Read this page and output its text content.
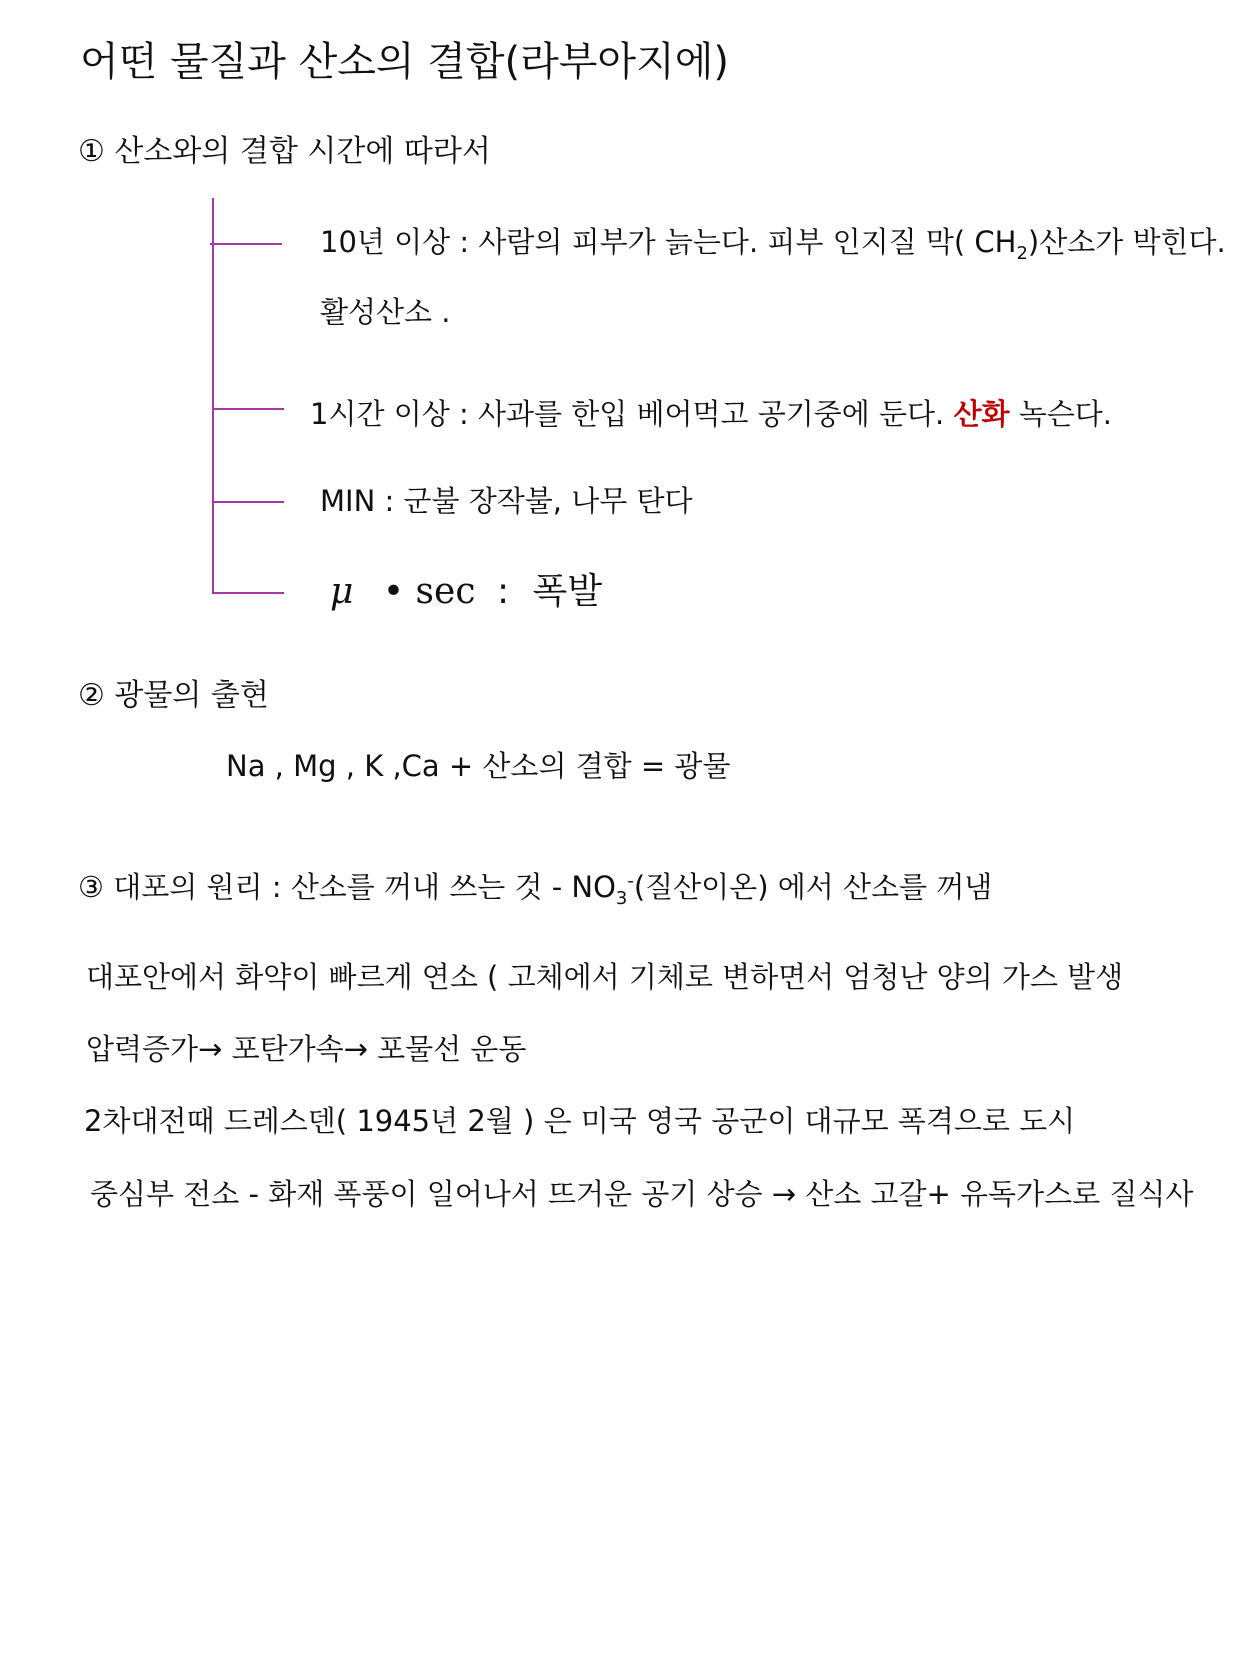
어떤 물질과 산소의 결합(라부아지에)
① 산소와의 결합 시간에 따라서
10년 이상 : 사람의 피부가 늙는다. 피부 인지질 막( $CH_2$)산소가 박힌다.
활성산소 .
1시간 이상 : 사과를 한입 베어먹고 공기중에 둔다. 산화 녹슨다.
MIN : 군불 장작불, 나무 탄다
μ • sec : 폭발
② 광물의 출현
Na , Mg , K ,Ca + 산소의 결합 = 광물
③ 대포의 원리 : 산소를 꺼내 쓰는 것 - $NO_3^-$(질산이온) 에서 산소를 꺼냄
대포안에서 화약이 빠르게 연소 ( 고체에서 기체로 변하면서 엄청난 양의 가스 발생
압력증가→ 포탄가속→ 포물선 운동
2차대전때 드레스덴( 1945년 2월 ) 은 미국 영국 공군이 대규모 폭격으로 도시
중심부 전소 - 화재 폭풍이 일어나서 뜨거운 공기 상승 → 산소 고갈+ 유독가스로 질식사
